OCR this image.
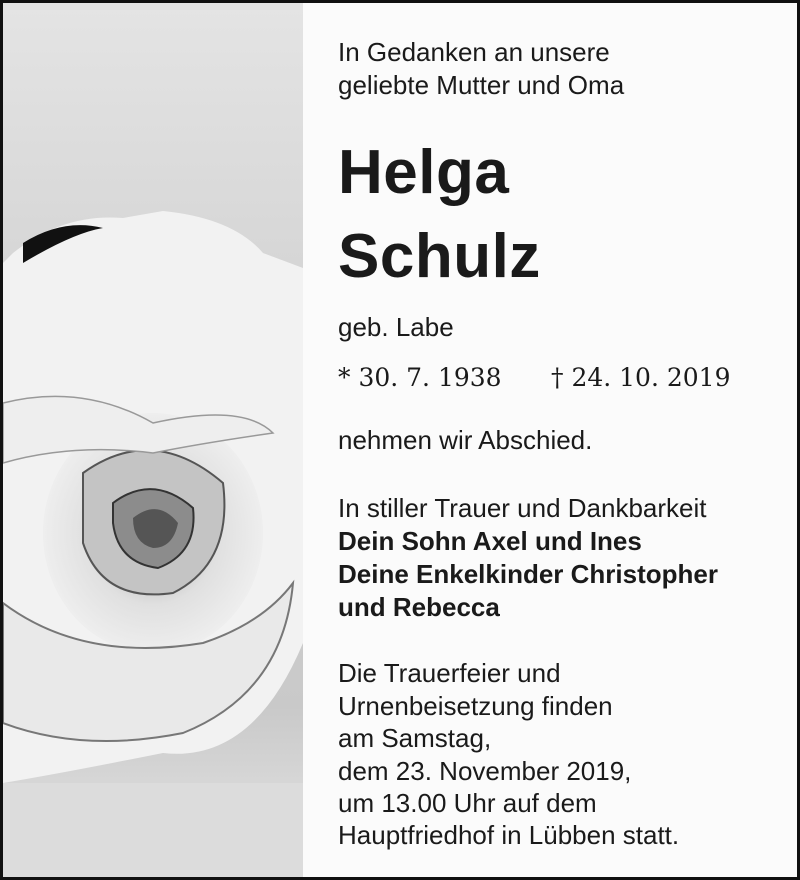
In Gedanken an unsere
geliebte Mutter und Oma
Helga
Schulz
geb. Labe
* 30. 7. 1938 † 24. 10. 2019
nehmen wir Abschied.
In stiller Trauer und Dankbarkeit
Dein Sohn Axel und Ines
Deine Enkelkinder Christopher
und Rebecca
Die Trauerfeier und
Urnenbeisetzung finden
am Samstag,
dem 23. November 2019,
um 13.00 Uhr auf dem
Hauptfriedhof in Lübben statt.
